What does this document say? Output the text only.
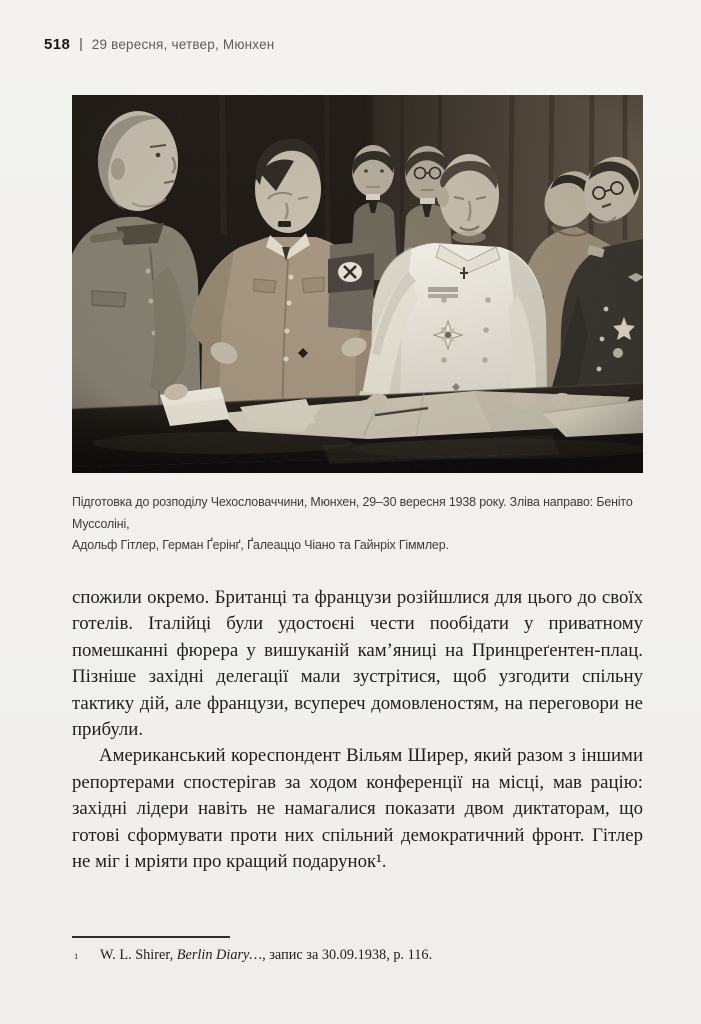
518 29 вересня, четвер, Мюнхен
Підготовка до розподілу Чехословаччини, Мюнхен, 29–30 вересня 1938 року. Зліва направо: Беніто Муссоліні,
Адольф Гітлер, Герман Ґерінґ, Ґалеаццо Чіано та Гайнріх Гіммлер.

спожили окремо. Британці та французи розійшлися для цього до своїх готелів. Італійці були удостоєні чести пообідати у приватному помешканні фюрера у вишуканій кам’яниці на Принцреґентен-плац. Пізніше західні делегації мали зустрітися, щоб узгодити спільну тактику дій, але французи, всупереч домовленостям, на переговори не прибули.

Американський кореспондент Вільям Ширер, який разом з іншими репортерами спостерігав за ходом конференції на місці, мав рацію: західні лідери навіть не намагалися показати двом диктаторам, що готові сформувати проти них спільний демократичний фронт. Гітлер не міг і мріяти про кращий подарунок¹.

1	W. L. Shirer, Berlin Diary…, запис за 30.09.1938, p. 116.
